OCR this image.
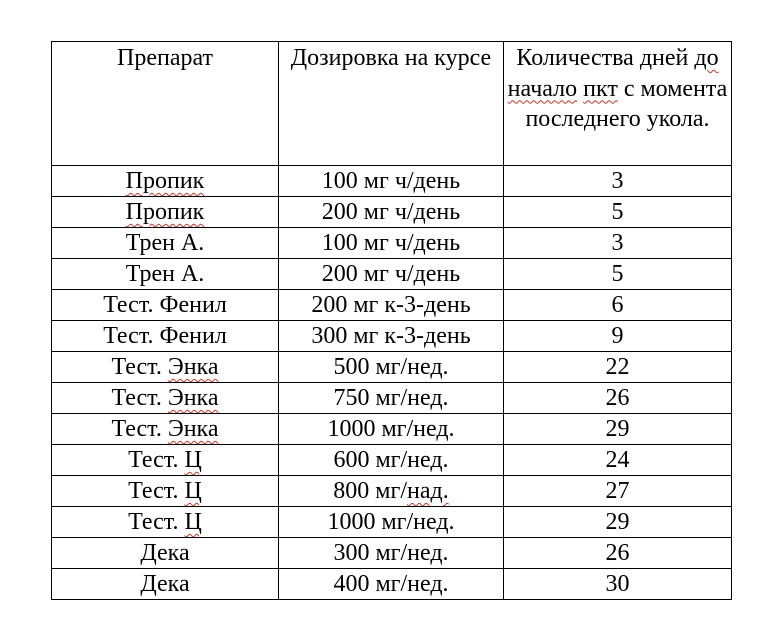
Препарат	Дозировка на курсе	Количества дней до начало пкт с момента последнего укола.
Пропик	100 мг ч/день	3
Пропик	200 мг ч/день	5
Трен А.	100 мг ч/день	3
Трен А.	200 мг ч/день	5
Тест. Фенил	200 мг к-3-день	6
Тест. Фенил	300 мг к-3-день	9
Тест. Энка	500 мг/нед.	22
Тест. Энка	750 мг/нед.	26
Тест. Энка	1000 мг/нед.	29
Тест. Ц	600 мг/нед.	24
Тест. Ц	800 мг/над.	27
Тест. Ц	1000 мг/нед.	29
Дека	300 мг/нед.	26
Дека	400 мг/нед.	30
